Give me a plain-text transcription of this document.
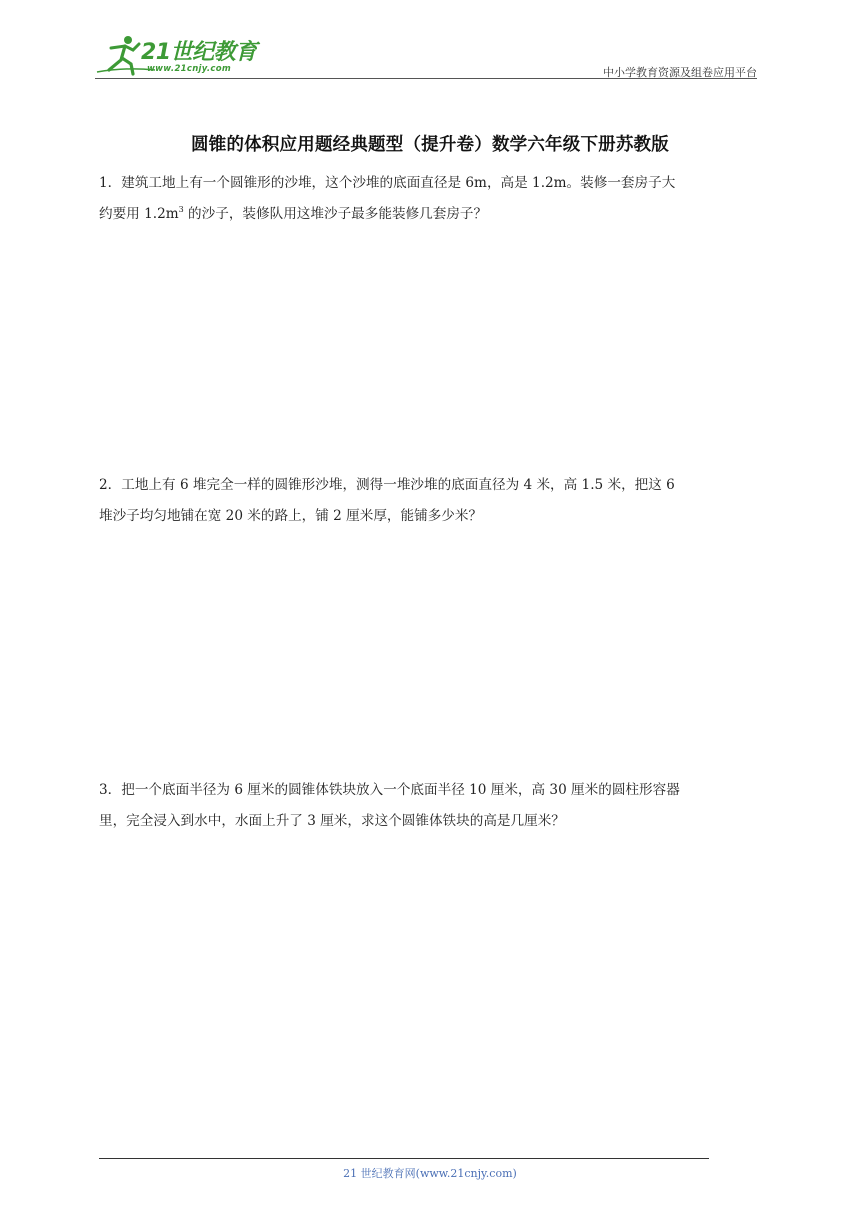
21世纪教育
www.21cnjy.com	中小学教育资源及组卷应用平台
圆锥的体积应用题经典题型（提升卷）数学六年级下册苏教版
1．建筑工地上有一个圆锥形的沙堆，这个沙堆的底面直径是 6m，高是 1.2m。装修一套房子大
约要用 $1.2m^3$ 的沙子，装修队用这堆沙子最多能装修几套房子？
2．工地上有 6 堆完全一样的圆锥形沙堆，测得一堆沙堆的底面直径为 4 米，高 1.5 米，把这 6
堆沙子均匀地铺在宽 20 米的路上，铺 2 厘米厚，能铺多少米？
3．把一个底面半径为 6 厘米的圆锥体铁块放入一个底面半径 10 厘米，高 30 厘米的圆柱形容器
里，完全浸入到水中，水面上升了 3 厘米，求这个圆锥体铁块的高是几厘米？
21 世纪教育网(www.21cnjy.com)
